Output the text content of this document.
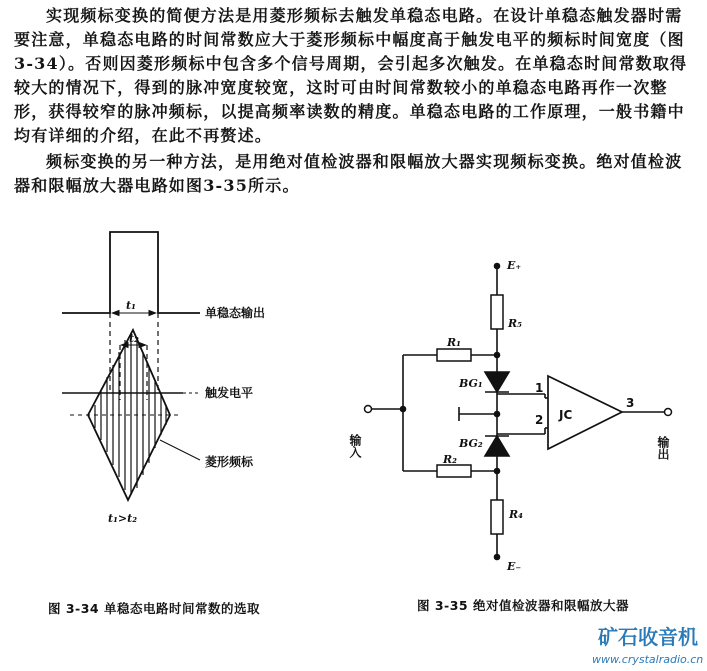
实现频标变换的简便方法是用菱形频标去触发单稳态电路。在设计单稳态触发器时需要注意，单稳态电路的时间常数应大于菱形频标中幅度高于触发电平的频标时间宽度（图3-34）。否则因菱形频标中包含多个信号周期，会引起多次触发。在单稳态时间常数取得较大的情况下，得到的脉冲宽度较宽，这时可由时间常数较小的单稳态电路再作一次整形，获得较窄的脉冲频标，以提高频率读数的精度。单稳态电路的工作原理，一般书籍中均有详细的介绍，在此不再赘述。

频标变换的另一种方法，是用绝对值检波器和限幅放大器实现频标变换。绝对值检波器和限幅放大器电路如图3-35所示。

t₁
t₂
单稳态输出
触发电平
菱形频标
t₁>t₂
图 3-34 单稳态电路时间常数的选取
E₊
R₅
R₁
BG₁
BG₂
R₂
R₄
E₋
1
2
3
JC
输入	输出
图 3-35 绝对值检波器和限幅放大器
矿石收音机
www.crystalradio.cn
